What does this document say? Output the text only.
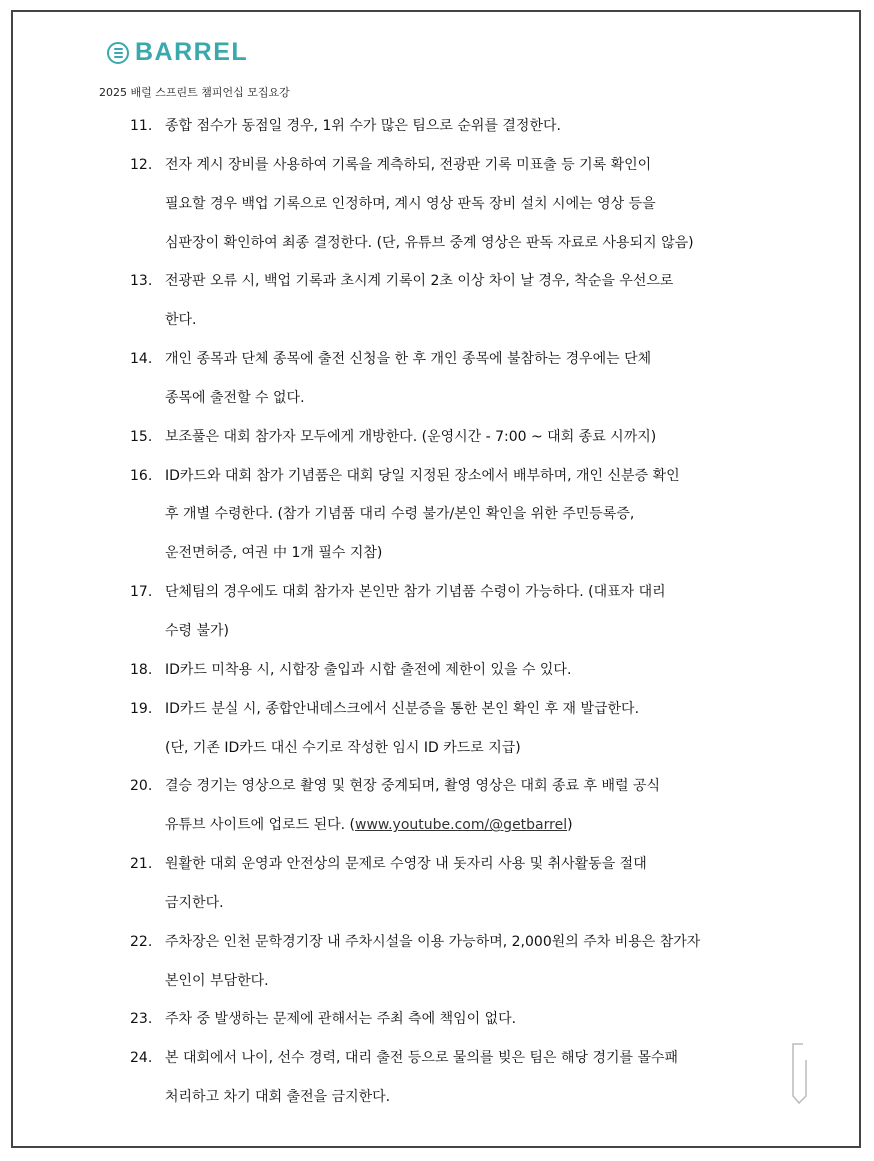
BARREL
2025 배럴 스프린트 챔피언십 모집요강
11. 종합 점수가 동점일 경우, 1위 수가 많은 팀으로 순위를 결정한다.
12. 전자 계시 장비를 사용하여 기록을 계측하되, 전광판 기록 미표출 등 기록 확인이
필요할 경우 백업 기록으로 인정하며, 계시 영상 판독 장비 설치 시에는 영상 등을
심판장이 확인하여 최종 결정한다. (단, 유튜브 중계 영상은 판독 자료로 사용되지 않음)
13. 전광판 오류 시, 백업 기록과 초시계 기록이 2초 이상 차이 날 경우, 착순을 우선으로
한다.
14. 개인 종목과 단체 종목에 출전 신청을 한 후 개인 종목에 불참하는 경우에는 단체
종목에 출전할 수 없다.
15. 보조풀은 대회 참가자 모두에게 개방한다. (운영시간 - 7:00 ~ 대회 종료 시까지)
16. ID카드와 대회 참가 기념품은 대회 당일 지정된 장소에서 배부하며, 개인 신분증 확인
후 개별 수령한다. (참가 기념품 대리 수령 불가/본인 확인을 위한 주민등록증,
운전면허증, 여권 中 1개 필수 지참)
17. 단체팀의 경우에도 대회 참가자 본인만 참가 기념품 수령이 가능하다. (대표자 대리
수령 불가)
18. ID카드 미착용 시, 시합장 출입과 시합 출전에 제한이 있을 수 있다.
19. ID카드 분실 시, 종합안내데스크에서 신분증을 통한 본인 확인 후 재 발급한다.
(단, 기존 ID카드 대신 수기로 작성한 임시 ID 카드로 지급)
20. 결승 경기는 영상으로 촬영 및 현장 중계되며, 촬영 영상은 대회 종료 후 배럴 공식
유튜브 사이트에 업로드 된다. (www.youtube.com/@getbarrel)
21. 원활한 대회 운영과 안전상의 문제로 수영장 내 돗자리 사용 및 취사활동을 절대
금지한다.
22. 주차장은 인천 문학경기장 내 주차시설을 이용 가능하며, 2,000원의 주차 비용은 참가자
본인이 부담한다.
23. 주차 중 발생하는 문제에 관해서는 주최 측에 책임이 없다.
24. 본 대회에서 나이, 선수 경력, 대리 출전 등으로 물의를 빚은 팀은 해당 경기를 몰수패
처리하고 차기 대회 출전을 금지한다.
